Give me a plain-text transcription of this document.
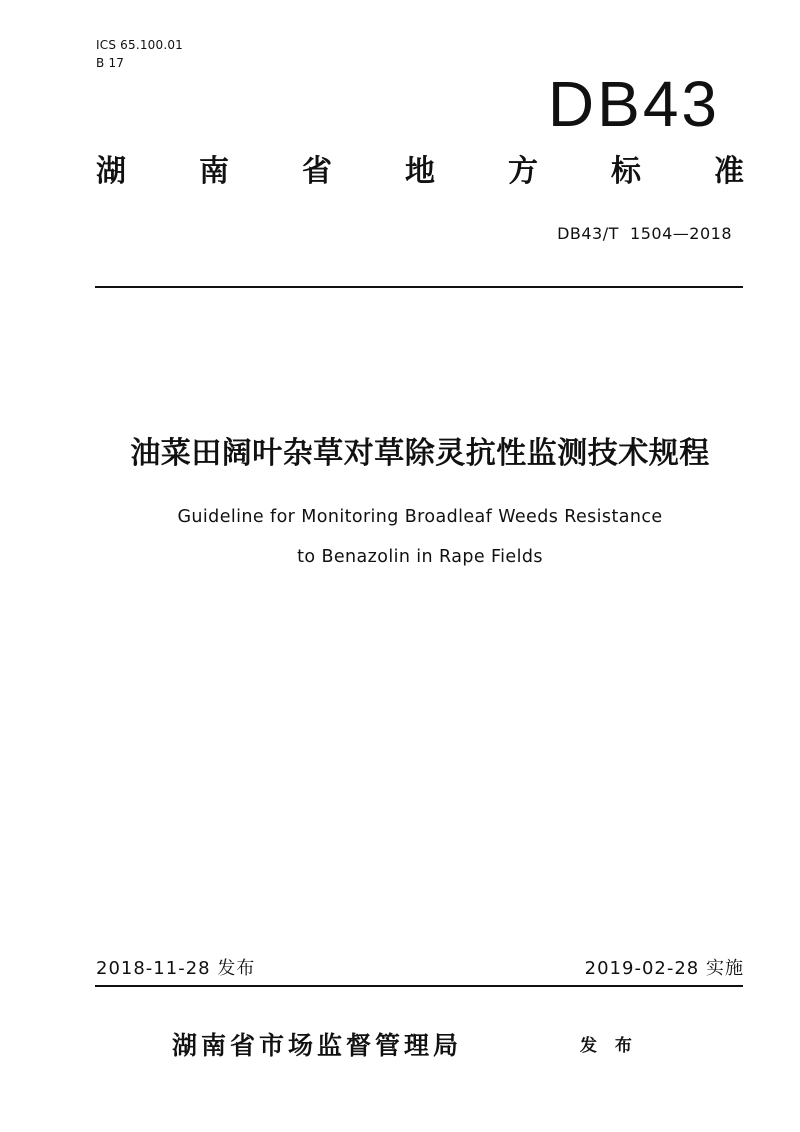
ICS 65.100.01
B 17
DB43
湖 南 省 地 方 标 准
DB43/T  1504—2018
油菜田阔叶杂草对草除灵抗性监测技术规程
Guideline for Monitoring Broadleaf Weeds Resistance
to Benazolin in Rape Fields
2018-11-28 发布	2019-02-28 实施
湖南省市场监督管理局	发 布
